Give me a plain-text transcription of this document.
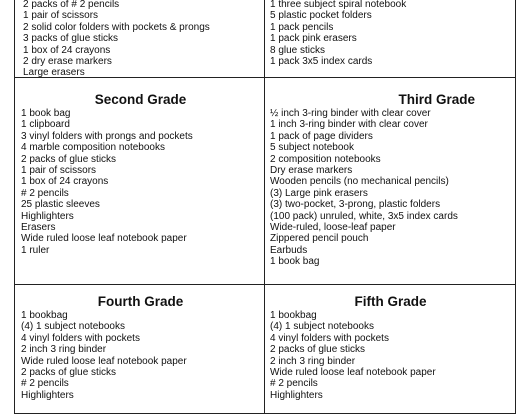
2 packs of # 2 pencils
1 pair of scissors
2 solid color folders with pockets & prongs
3 packs of glue sticks
1 box of 24 crayons
2 dry erase markers
Large erasers
1 three subject spiral notebook
5 plastic pocket folders
1 pack pencils
1 pack pink erasers
8 glue sticks
1 pack 3x5 index cards
Second Grade
1 book bag
1 clipboard
3 vinyl folders with prongs and pockets
4 marble composition notebooks
2 packs of glue sticks
1 pair of scissors
1 box of 24 crayons
# 2 pencils
25 plastic sleeves
Highlighters
Erasers
Wide ruled loose leaf notebook paper
1 ruler
Third Grade
½ inch 3-ring binder with clear cover
1 inch 3-ring binder with clear cover
1 pack of page dividers
5 subject notebook
2 composition notebooks
Dry erase markers
Wooden pencils (no mechanical pencils)
(3) Large pink erasers
(3) two-pocket, 3-prong, plastic folders
(100 pack) unruled, white, 3x5 index cards
Wide-ruled, loose-leaf paper
Zippered pencil pouch
Earbuds
1 book bag
Fourth Grade
1 bookbag
(4) 1 subject notebooks
4 vinyl folders with pockets
2 inch 3 ring binder
Wide ruled loose leaf notebook paper
2 packs of glue sticks
# 2 pencils
Highlighters
Fifth Grade
1 bookbag
(4) 1 subject notebooks
4 vinyl folders with pockets
2 packs of glue sticks
2 inch 3 ring binder
Wide ruled loose leaf notebook paper
# 2 pencils
Highlighters
